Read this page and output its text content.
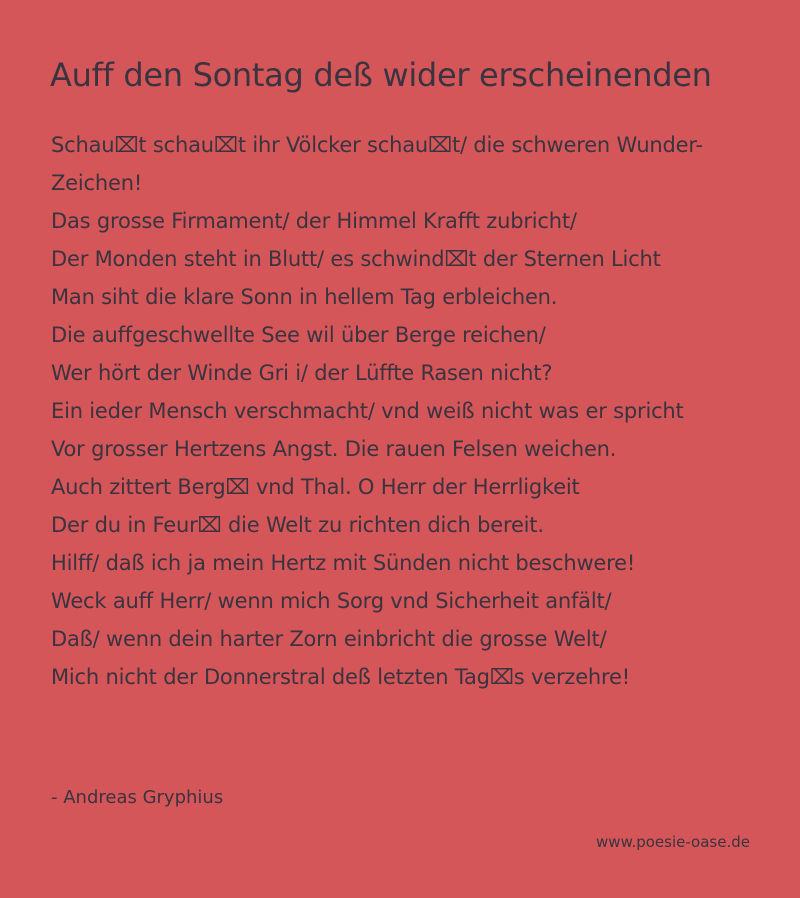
Auff den Sontag deß wider erscheinenden
Schau⌧t schau⌧t ihr Völcker schau⌧t/ die schweren Wunder-Zeichen!
Das grosse Firmament/ der Himmel Krafft zubricht/
Der Monden steht in Blutt/ es schwind⌧t der Sternen Licht
Man siht die klare Sonn in hellem Tag erbleichen.
Die auffgeschwellte See wil über Berge reichen/
Wer hört der Winde Gri i/ der Lüffte Rasen nicht?
Ein ieder Mensch verschmacht/ vnd weiß nicht was er spricht
Vor grosser Hertzens Angst. Die rauen Felsen weichen.
Auch zittert Berg⌧ vnd Thal. O Herr der Herrligkeit
Der du in Feur⌧ die Welt zu richten dich bereit.
Hilff/ daß ich ja mein Hertz mit Sünden nicht beschwere!
Weck auff Herr/ wenn mich Sorg vnd Sicherheit anfält/
Daß/ wenn dein harter Zorn einbricht die grosse Welt/
Mich nicht der Donnerstral deß letzten Tag⌧s verzehre!
- Andreas Gryphius
www.poesie-oase.de
